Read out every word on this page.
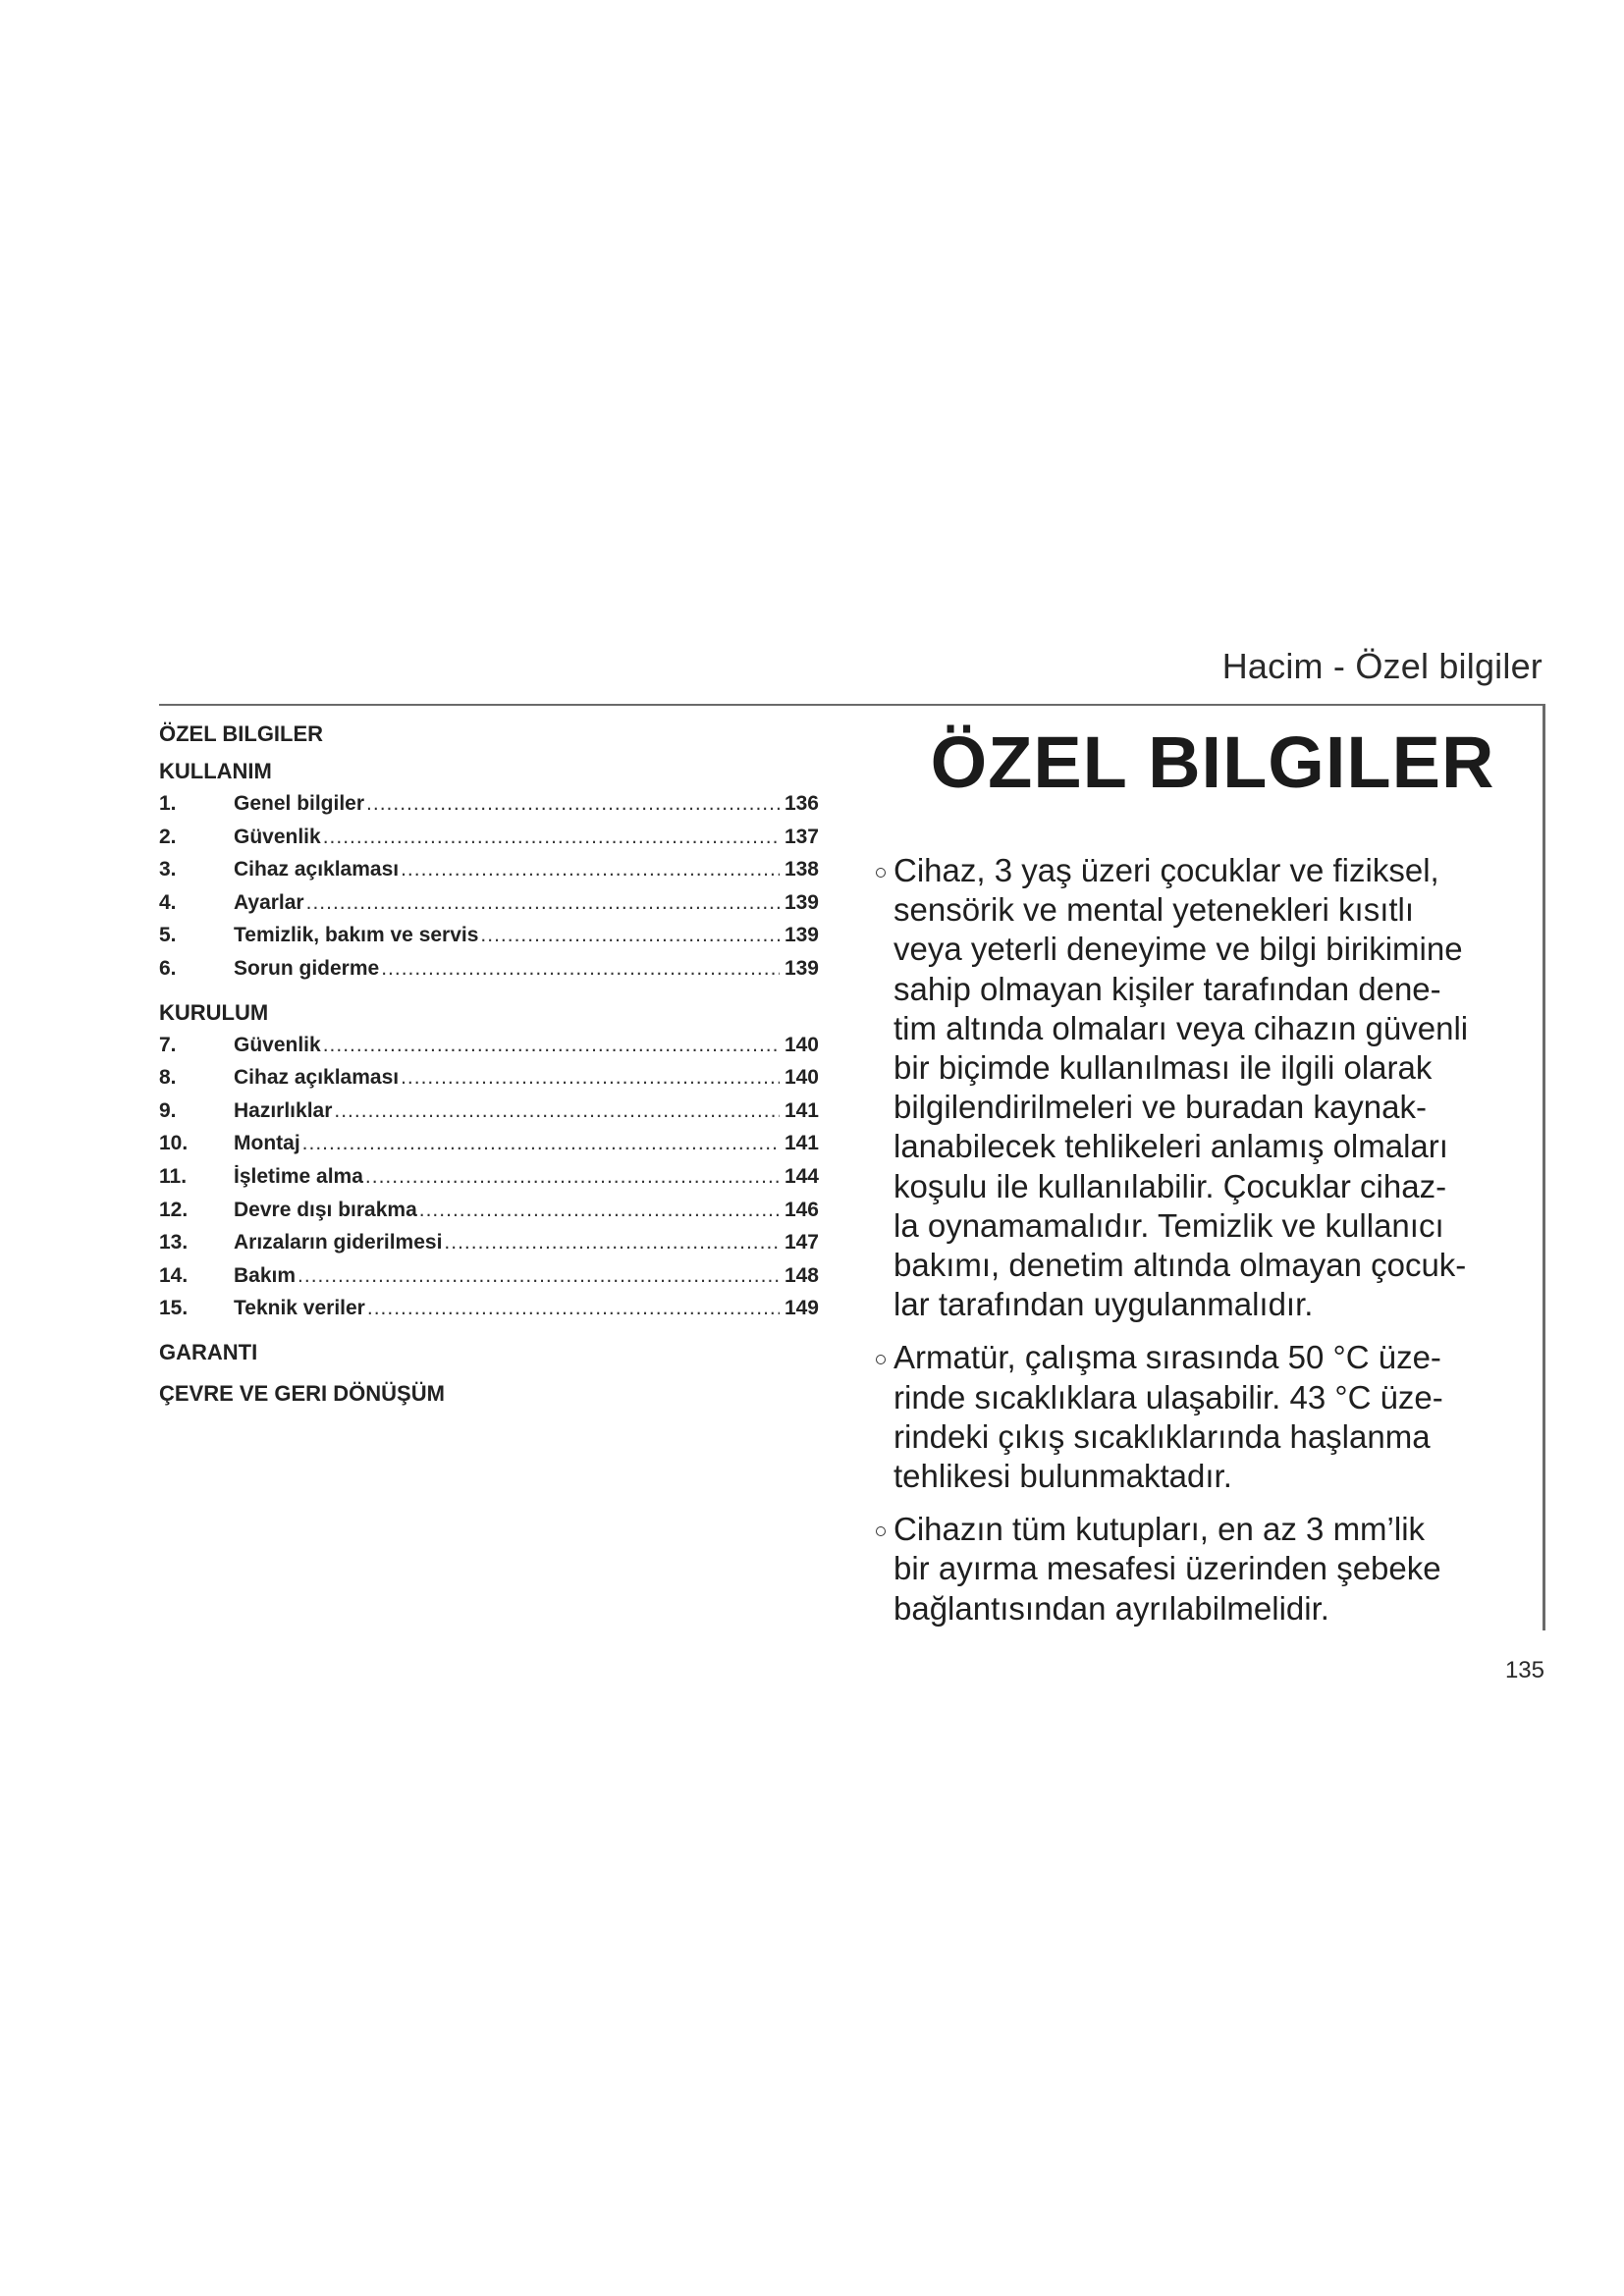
Hacim - Özel bilgiler
ÖZEL BILGILER
KULLANIM
1.	Genel bilgiler .....	136
2.	Güvenlik .....	137
3.	Cihaz açıklaması .....	138
4.	Ayarlar .....	139
5.	Temizlik, bakım ve servis .....	139
6.	Sorun giderme .....	139
KURULUM
7.	Güvenlik .....	140
8.	Cihaz açıklaması .....	140
9.	Hazırlıklar .....	141
10.	Montaj .....	141
11.	İşletime alma .....	144
12.	Devre dışı bırakma .....	146
13.	Arızaların giderilmesi .....	147
14.	Bakım .....	148
15.	Teknik veriler .....	149
GARANTI
ÇEVRE VE GERI DÖNÜŞÜM
ÖZEL BILGILER
Cihaz, 3 yaş üzeri çocuklar ve fiziksel,
sensörik ve mental yetenekleri kısıtlı
veya yeterli deneyime ve bilgi birikimine
sahip olmayan kişiler tarafından dene-
tim altında olmaları veya cihazın güvenli
bir biçimde kullanılması ile ilgili olarak
bilgilendirilmeleri ve buradan kaynak-
lanabilecek tehlikeleri anlamış olmaları
koşulu ile kullanılabilir. Çocuklar cihaz-
la oynamamalıdır. Temizlik ve kullanıcı
bakımı, denetim altında olmayan çocuk-
lar tarafından uygulanmalıdır.
Armatür, çalışma sırasında 50 °C üze-
rinde sıcaklıklara ulaşabilir. 43 °C üze-
rindeki çıkış sıcaklıklarında haşlanma
tehlikesi bulunmaktadır.
Cihazın tüm kutupları, en az 3 mm’lik
bir ayırma mesafesi üzerinden şebeke
bağlantısından ayrılabilmelidir.
135
